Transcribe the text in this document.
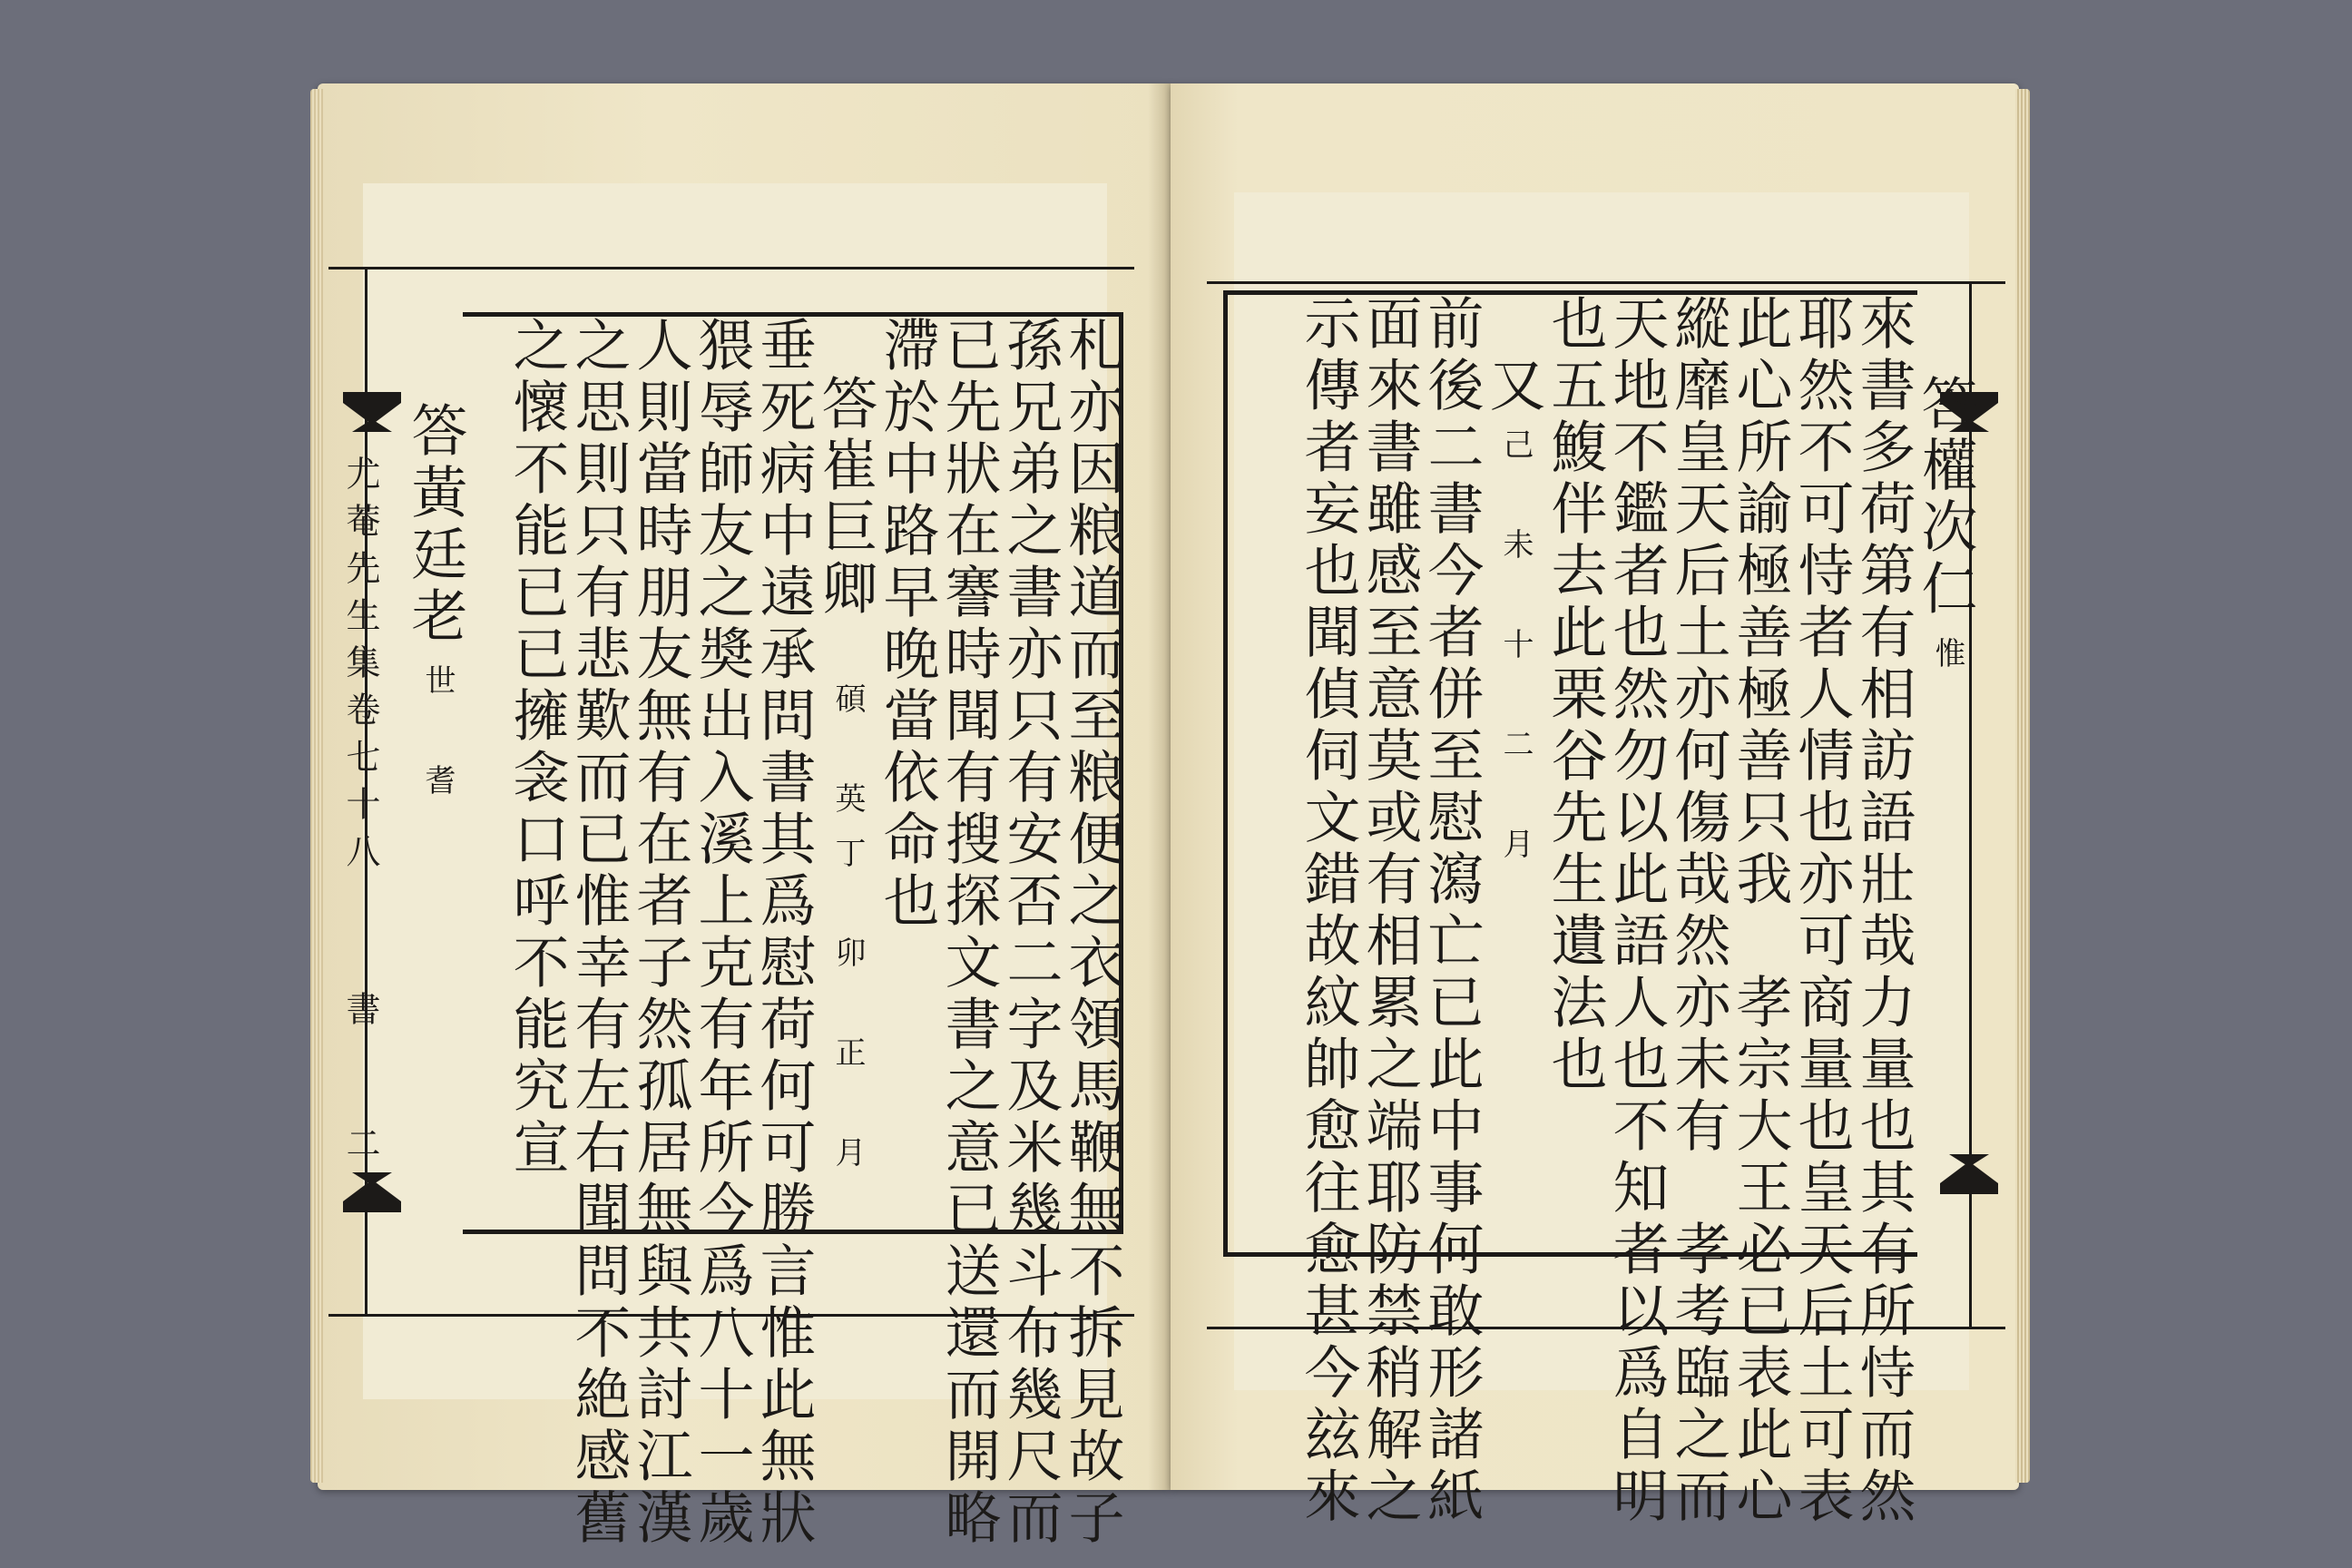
尤菴先生集卷七十八
書
二	札亦因粮道而至粮便之衣領馬鞭無不拆見故子
孫兄弟之書亦只有安否二字及米幾斗布幾尺而
已先狀在謇時聞有搜探文書之意已送還而開略
滯於中路早晚當依命也
答崔巨卿
碩 英
丁 卯 正 月
垂死病中遠承問書其爲慰荷何可勝言惟此無狀
猥辱師友之奬出入溪上克有年所今爲八十一歲
人則當時朋友無有在者子然孤居無與共討江漢
之思則只有悲歎而已惟幸有左右聞問不絶感舊
之懷不能已已擁衾口呼不能究宣
答黃廷老
世 耆
答權次仁
惟
來書多荷第有相訪語壯哉力量也其有所恃而然
耶然不可恃者人情也亦可商量也皇天后土可表
此心所諭極善極善只我　孝宗大王必已表此心
縱靡皇天后土亦何傷哉然亦未有　孝考臨之而
天地不鑑者也然勿以此語人也不知者以爲自明
也五鰒伴去此栗谷先生遺法也
又
己 未 十 二 月
前後二書今者併至慰瀉亡已此中事何敢形諸紙
面來書雖感至意莫或有相累之端耶防禁稍解之
示傳者妄也聞偵伺文錯故紋帥愈往愈甚今玆來
